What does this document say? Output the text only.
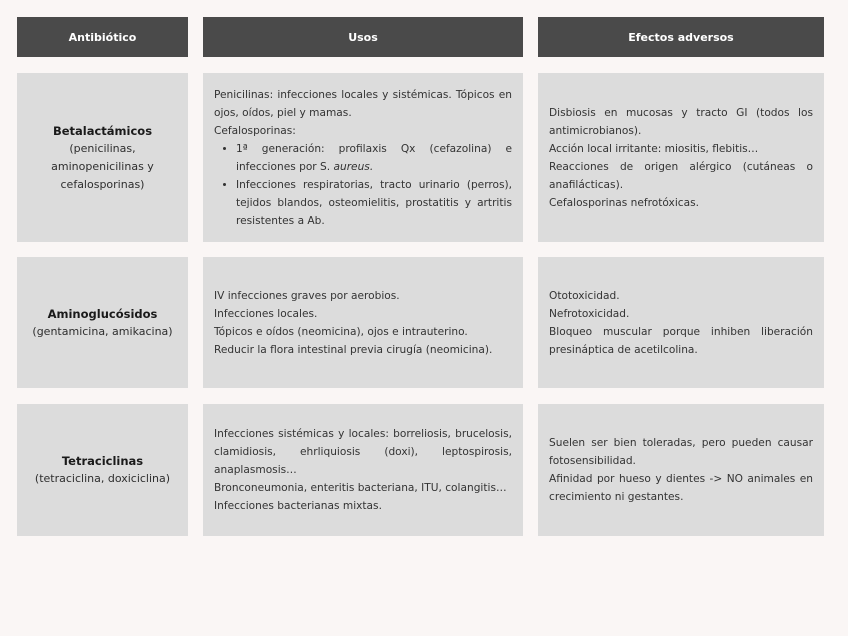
Antibiótico	Usos	Efectos adversos
Betalactámicos
(penicilinas, aminopenicilinas y cefalosporinas)

Penicilinas: infecciones locales y sistémicas. Tópicos en ojos, oídos, piel y mamas.

Cefalosporinas:

• 1ª generación: profilaxis Qx (cefazolina) e infecciones por S. aureus.
• Infecciones respiratorias, tracto urinario (perros), tejidos blandos, osteomielitis, prostatitis y artritis resistentes a Ab.

Disbiosis en mucosas y tracto GI (todos los antimicrobianos).

Acción local irritante: miositis, flebitis…

Reacciones de origen alérgico (cutáneas o anafilácticas).

Cefalosporinas nefrotóxicas.

Aminoglucósidos
(gentamicina, amikacina)

IV infecciones graves por aerobios.

Infecciones locales.

Tópicos e oídos (neomicina), ojos e intrauterino.

Reducir la flora intestinal previa cirugía (neomicina).

Ototoxicidad.

Nefrotoxicidad.

Bloqueo muscular porque inhiben liberación presináptica de acetilcolina.

Tetraciclinas
(tetraciclina, doxiciclina)

Infecciones sistémicas y locales: borreliosis, brucelosis, clamidiosis, ehrliquiosis (doxi), leptospirosis, anaplasmosis…

Bronconeumonia, enteritis bacteriana, ITU, colangitis…

Infecciones bacterianas mixtas.

Suelen ser bien toleradas, pero pueden causar fotosensibilidad.

Afinidad por hueso y dientes -> NO animales en crecimiento ni gestantes.
